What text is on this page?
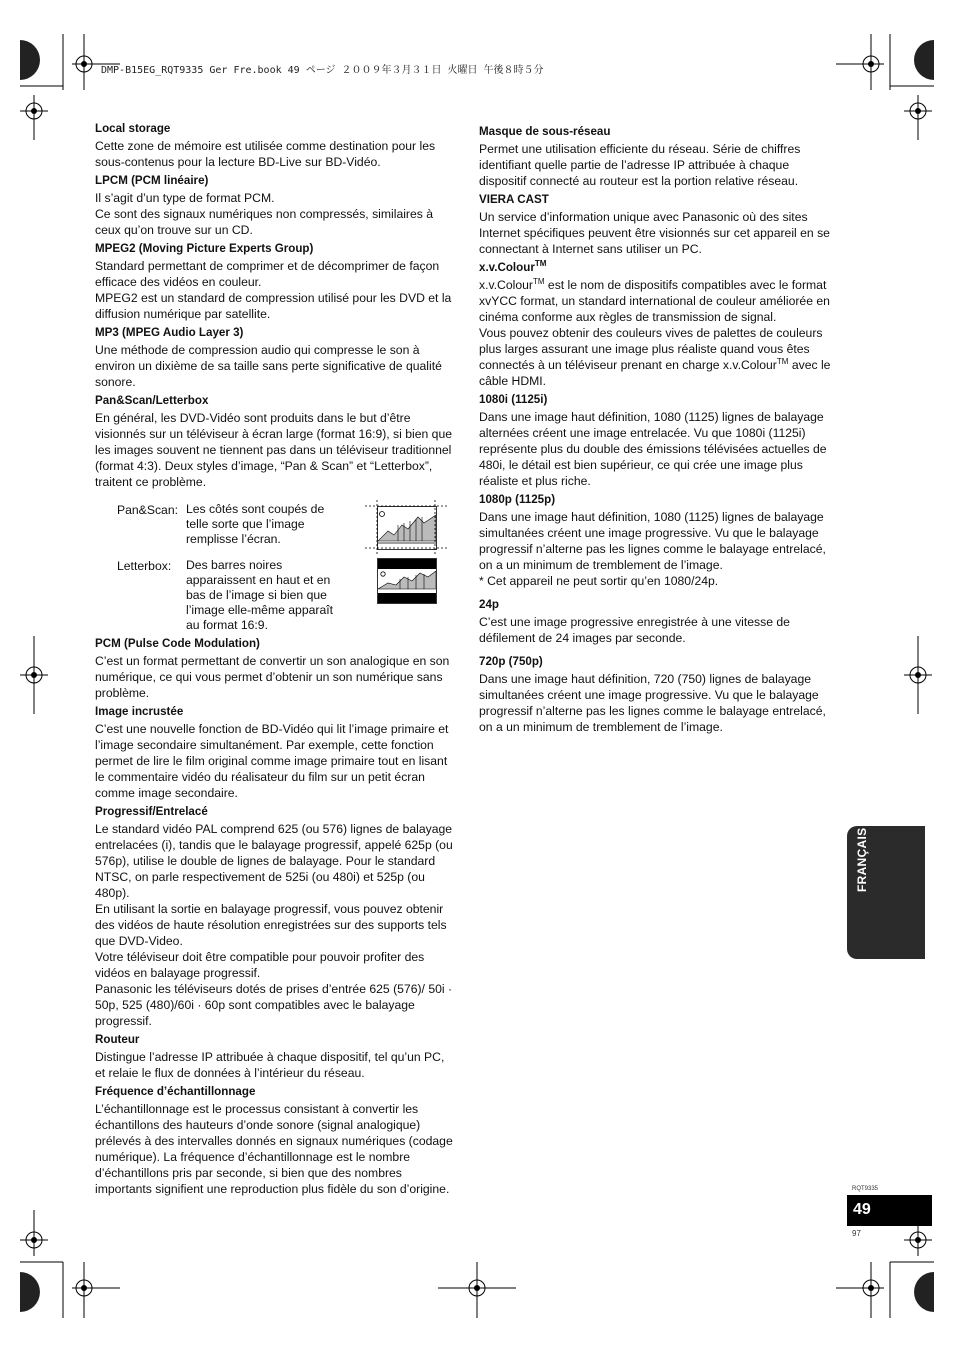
DMP-B15EG_RQT9335 Ger Fre.book 49 ページ ２００９年３月３１日 火曜日 午後８時５分
Local storage

Cette zone de mémoire est utilisée comme destination pour les sous-contenus pour la lecture BD-Live sur BD-Vidéo.

LPCM (PCM linéaire)

Il s’agit d’un type de format PCM.

Ce sont des signaux numériques non compressés, similaires à ceux qu’on trouve sur un CD.

MPEG2 (Moving Picture Experts Group)

Standard permettant de comprimer et de décomprimer de façon efficace des vidéos en couleur.

MPEG2 est un standard de compression utilisé pour les DVD et la diffusion numérique par satellite.

MP3 (MPEG Audio Layer 3)

Une méthode de compression audio qui compresse le son à environ un dixième de sa taille sans perte significative de qualité sonore.

Pan&Scan/Letterbox

En général, les DVD-Vidéo sont produits dans le but d’être visionnés sur un téléviseur à écran large (format 16:9), si bien que les images souvent ne tiennent pas dans un téléviseur traditionnel (format 4:3). Deux styles d’image, “Pan & Scan” et “Letterbox”, traitent ce problème.

Pan&Scan: Les côtés sont coupés de telle sorte que l’image remplisse l’écran.
Letterbox: Des barres noires apparaissent en haut et en bas de l’image si bien que l’image elle-même apparaît au format 16:9.
PCM (Pulse Code Modulation)

C’est un format permettant de convertir un son analogique en son numérique, ce qui vous permet d’obtenir un son numérique sans problème.

Image incrustée

C’est une nouvelle fonction de BD-Vidéo qui lit l’image primaire et l’image secondaire simultanément. Par exemple, cette fonction permet de lire le film original comme image primaire tout en lisant le commentaire vidéo du réalisateur du film sur un petit écran comme image secondaire.

Progressif/Entrelacé

Le standard vidéo PAL comprend 625 (ou 576) lignes de balayage entrelacées (i), tandis que le balayage progressif, appelé 625p (ou 576p), utilise le double de lignes de balayage. Pour le standard NTSC, on parle respectivement de 525i (ou 480i) et 525p (ou 480p).

En utilisant la sortie en balayage progressif, vous pouvez obtenir des vidéos de haute résolution enregistrées sur des supports tels que DVD-Video.

Votre téléviseur doit être compatible pour pouvoir profiter des vidéos en balayage progressif.

Panasonic les téléviseurs dotés de prises d’entrée 625 (576)/ 50i · 50p, 525 (480)/60i · 60p sont compatibles avec le balayage progressif.

Routeur

Distingue l’adresse IP attribuée à chaque dispositif, tel qu’un PC, et relaie le flux de données à l’intérieur du réseau.

Fréquence d’échantillonnage

L’échantillonnage est le processus consistant à convertir les échantillons des hauteurs d’onde sonore (signal analogique) prélevés à des intervalles donnés en signaux numériques (codage numérique). La fréquence d’échantillonnage est le nombre d’échantillons pris par seconde, si bien que des nombres importants signifient une reproduction plus fidèle du son d’origine.

Masque de sous-réseau

Permet une utilisation efficiente du réseau. Série de chiffres identifiant quelle partie de l’adresse IP attribuée à chaque dispositif connecté au routeur est la portion relative réseau.

VIERA CAST

Un service d’information unique avec Panasonic où des sites Internet spécifiques peuvent être visionnés sur cet appareil en se connectant à Internet sans utiliser un PC.

x.v.Colour™

x.v.Colour™ est le nom de dispositifs compatibles avec le format xvYCC format, un standard international de couleur améliorée en cinéma conforme aux règles de transmission de signal.

Vous pouvez obtenir des couleurs vives de palettes de couleurs plus larges assurant une image plus réaliste quand vous êtes connectés à un téléviseur prenant en charge x.v.Colour™ avec le câble HDMI.

1080i (1125i)

Dans une image haut définition, 1080 (1125) lignes de balayage alternées créent une image entrelacée. Vu que 1080i (1125i) représente plus du double des émissions télévisées actuelles de 480i, le détail est bien supérieur, ce qui crée une image plus réaliste et plus riche.

1080p (1125p)

Dans une image haut définition, 1080 (1125) lignes de balayage simultanées créent une image progressive. Vu que le balayage progressif n’alterne pas les lignes comme le balayage entrelacé, on a un minimum de tremblement de l’image.

* Cet appareil ne peut sortir qu’en 1080/24p.

24p

C’est une image progressive enregistrée à une vitesse de défilement de 24 images par seconde.

720p (750p)

Dans une image haut définition, 720 (750) lignes de balayage simultanées créent une image progressive. Vu que le balayage progressif n’alterne pas les lignes comme le balayage entrelacé, on a un minimum de tremblement de l’image.

FRANÇAIS
RQT9335
49
97
